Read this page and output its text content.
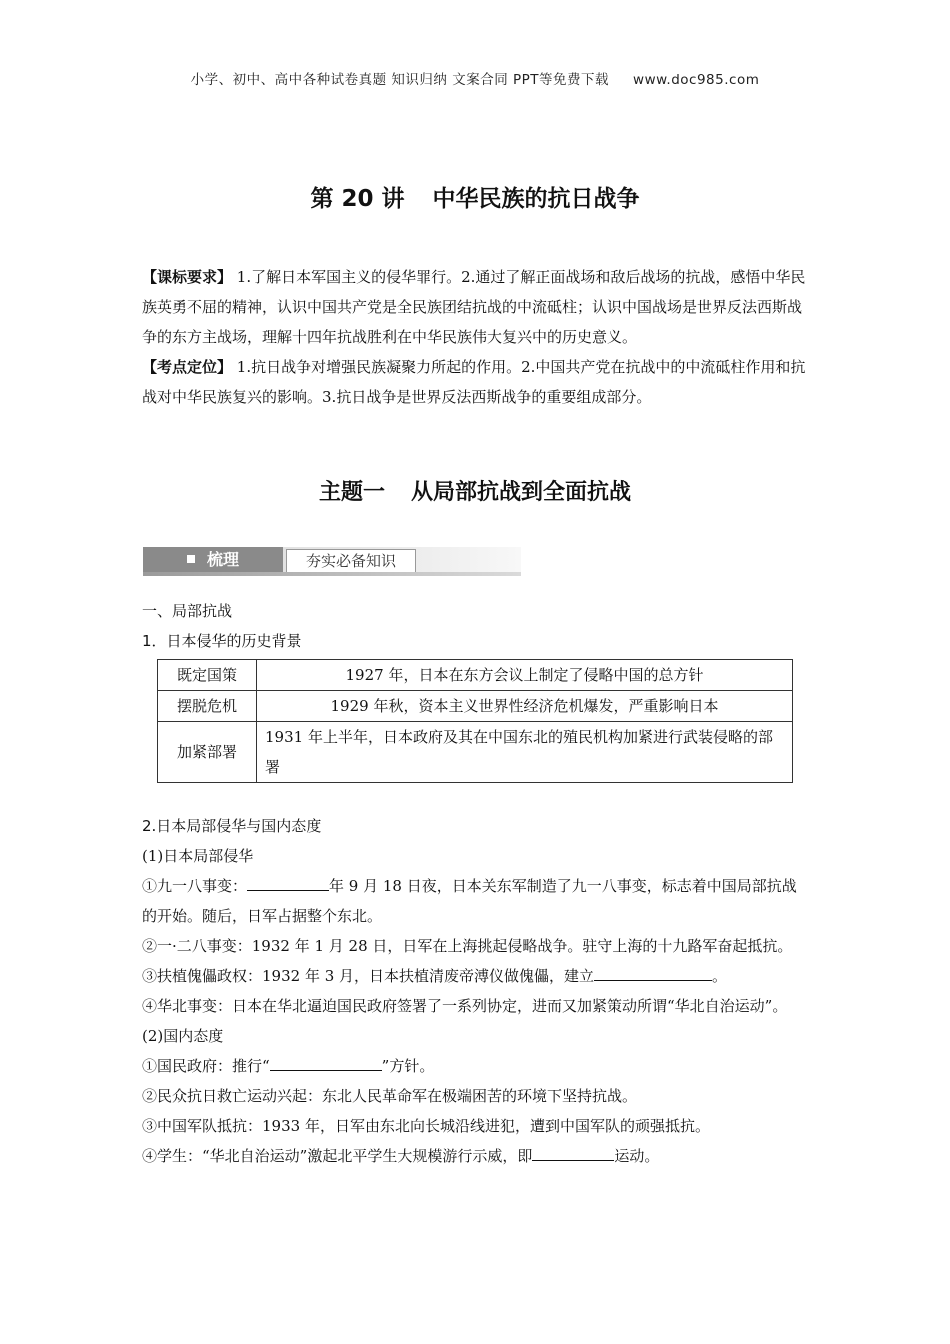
小学、初中、高中各种试卷真题 知识归纳 文案合同 PPT等免费下载 www.doc985.com
第 20 讲 中华民族的抗日战争

【课标要求】 1.了解日本军国主义的侵华罪行。2.通过了解正面战场和敌后战场的抗战，感悟中华民族英勇不屈的精神，认识中国共产党是全民族团结抗战的中流砥柱；认识中国战场是世界反法西斯战争的东方主战场，理解十四年抗战胜利在中华民族伟大复兴中的历史意义。

【考点定位】 1.抗日战争对增强民族凝聚力所起的作用。2.中国共产党在抗战中的中流砥柱作用和抗战对中华民族复兴的影响。3.抗日战争是世界反法西斯战争的重要组成部分。

主题一 从局部抗战到全面抗战
梳理	夯实必备知识

一、局部抗战

1．日本侵华的历史背景

既定国策	1927 年，日本在东方会议上制定了侵略中国的总方针
摆脱危机	1929 年秋，资本主义世界性经济危机爆发，严重影响日本
加紧部署	1931 年上半年，日本政府及其在中国东北的殖民机构加紧进行武装侵略的部署

2.日本局部侵华与国内态度

(1)日本局部侵华

①九一八事变：	年 9 月 18 日夜，日本关东军制造了九一八事变，标志着中国局部抗战的开始。随后，日军占据整个东北。

②一·二八事变：1932 年 1 月 28 日，日军在上海挑起侵略战争。驻守上海的十九路军奋起抵抗。

③扶植傀儡政权：1932 年 3 月，日本扶植清废帝溥仪做傀儡，建立	。

④华北事变：日本在华北逼迫国民政府签署了一系列协定，进而又加紧策动所谓“华北自治运动”。

(2)国内态度

①国民政府：推行“	”方针。

②民众抗日救亡运动兴起：东北人民革命军在极端困苦的环境下坚持抗战。

③中国军队抵抗：1933 年，日军由东北向长城沿线进犯，遭到中国军队的顽强抵抗。

④学生：“华北自治运动”激起北平学生大规模游行示威，即	运动。
